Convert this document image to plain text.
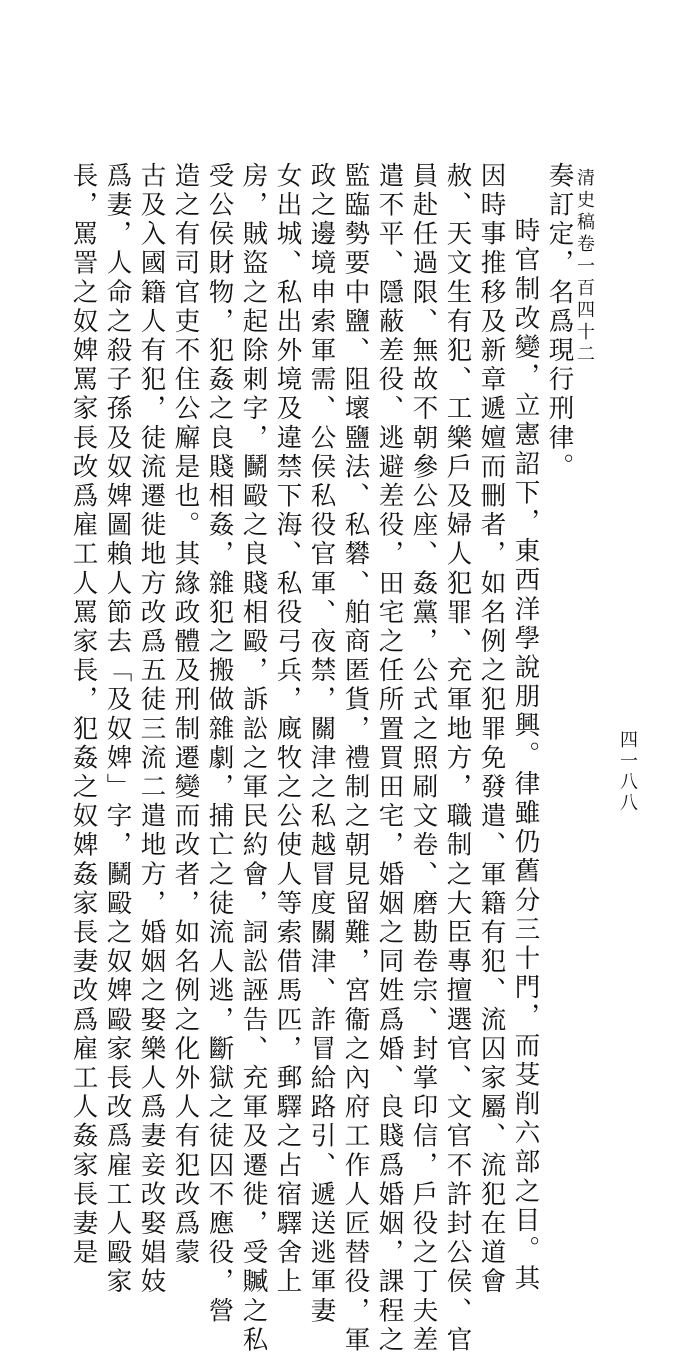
清史稿卷一百四十二
四一八八
奏訂定，名爲現行刑律。
　時官制改變，立憲詔下，東西洋學說朋興。律雖仍舊分三十門，而芟削六部之目。其
因時事推移及新章遞嬗而刪者，如名例之犯罪免發遣、軍籍有犯、流囚家屬、流犯在道會
赦、天文生有犯、工樂戶及婦人犯罪、充軍地方，職制之大臣專擅選官、文官不許封公侯、官
員赴任過限、無故不朝參公座、姦黨，公式之照刷文卷、磨勘卷宗、封掌印信，戶役之丁夫差
遣不平、隱蔽差役、逃避差役，田宅之任所置買田宅，婚姻之同姓爲婚、良賤爲婚姻，課程之
監臨勢要中鹽、阻壞鹽法、私礬、舶商匿貨，禮制之朝見留難，宮衞之內府工作人匠替役，軍
政之邊境申索軍需、公侯私役官軍、夜禁，關津之私越冒度關津、詐冒給路引、遞送逃軍妻
女出城、私出外境及違禁下海、私役弓兵，廐牧之公使人等索借馬匹，郵驛之占宿驛舍上
房，賊盜之起除刺字，鬭毆之良賤相毆，訴訟之軍民約會，詞訟誣告、充軍及遷徙，受贓之私
受公侯財物，犯姦之良賤相姦，雜犯之搬做雜劇，捕亡之徒流人逃，斷獄之徒囚不應役，營
造之有司官吏不住公廨是也。其緣政體及刑制遷變而改者，如名例之化外人有犯改爲蒙
古及入國籍人有犯，徒流遷徙地方改爲五徒三流二遣地方，婚姻之娶樂人爲妻妾改娶娼妓
爲妻，人命之殺子孫及奴婢圖賴人節去「及奴婢」字，鬭毆之奴婢毆家長改爲雇工人毆家
長，罵詈之奴婢罵家長改爲雇工人罵家長，犯姦之奴婢姦家長妻改爲雇工人姦家長妻是
